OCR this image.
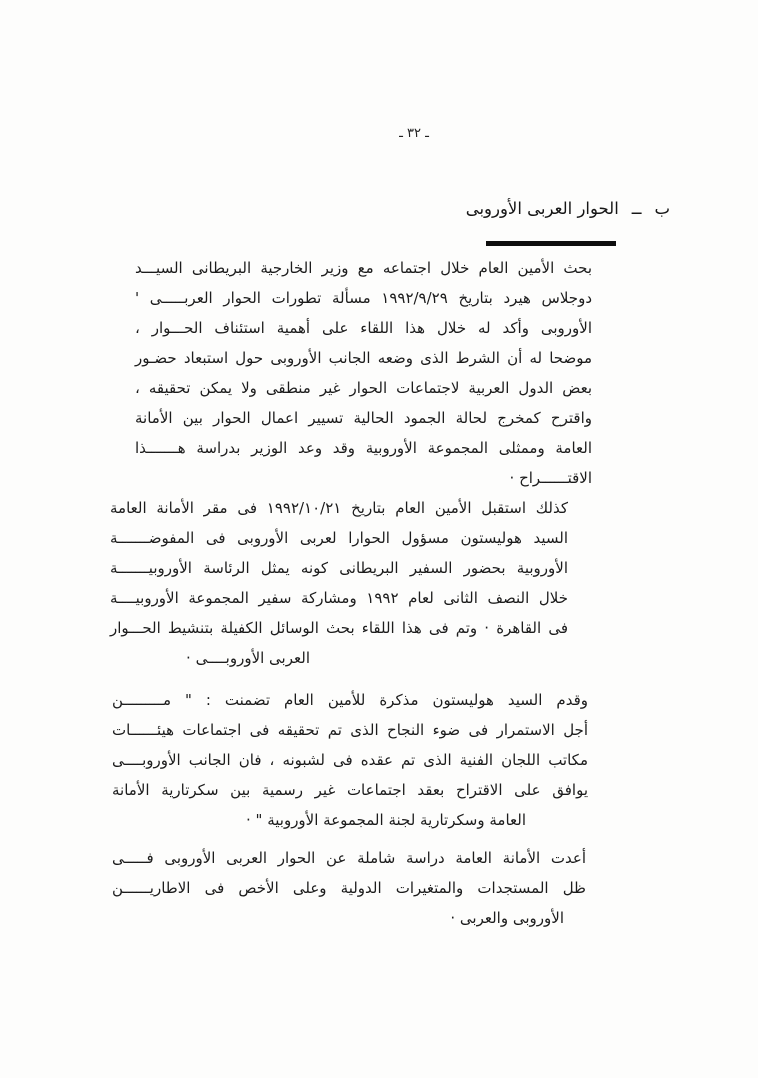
ـ ٣٢ ـ
ب
ــ
الحوار العربى الأوروبى
بحث الأمين العام خلال اجتماعه مع وزير الخارجية البريطانى السيـــد
دوجلاس هيرد بتاريخ ١٩٩٢/٩/٢٩ مسألة تطورات الحوار العربـــــى '
الأوروبى وأكد له خلال هذا اللقاء على أهمية استئناف الحـــوار ،
موضحا له أن الشرط الذى وضعه الجانب الأوروبى حول استبعاد حضـور
بعض الدول العربية لاجتماعات الحوار غير منطقى ولا يمكن تحقيقه ،
واقترح كمخرج لحالة الجمود الحالية تسيير اعمال الحوار بين الأمانة
العامة وممثلى المجموعة الأوروبية وقد وعد الوزير بدراسة هـــــــذا
الاقتــــــراح ·
كذلك استقبل الأمين العام بتاريخ ١٩٩٢/١٠/٢١ فى مقر الأمانة العامة
السيد هوليستون مسؤول الحوارا لعربى الأوروبى فى المفوضـــــــة
الأوروبية بحضور السفير البريطانى كونه يمثل الرئاسة الأوروبيـــــــة
خلال النصف الثانى لعام ١٩٩٢ ومشاركة سفير المجموعة الأوروبيــــة
فى القاهرة · وتم فى هذا اللقاء بحث الوسائل الكفيلة بتنشيط الحـــوار
العربى الأوروبــــى ·
وقدم السيد هوليستون مذكرة للأمين العام تضمنت : " مـــــــــن
أجل الاستمرار فى ضوء النجاح الذى تم تحقيقه فى اجتماعات هيئــــــات
مكاتب اللجان الفنية الذى تم عقده فى لشبونه ، فان الجانب الأوروبــــى
يوافق على الاقتراح بعقد اجتماعات غير رسمية بين سكرتارية الأمانة
العامة وسكرتارية لجنة المجموعة الأوروبية " ·
أعدت الأمانة العامة دراسة شاملة عن الحوار العربى الأوروبى فـــــى
ظل المستجدات والمتغيرات الدولية وعلى الأخص فى الاطاريــــــن
الأوروبى والعربى ·
